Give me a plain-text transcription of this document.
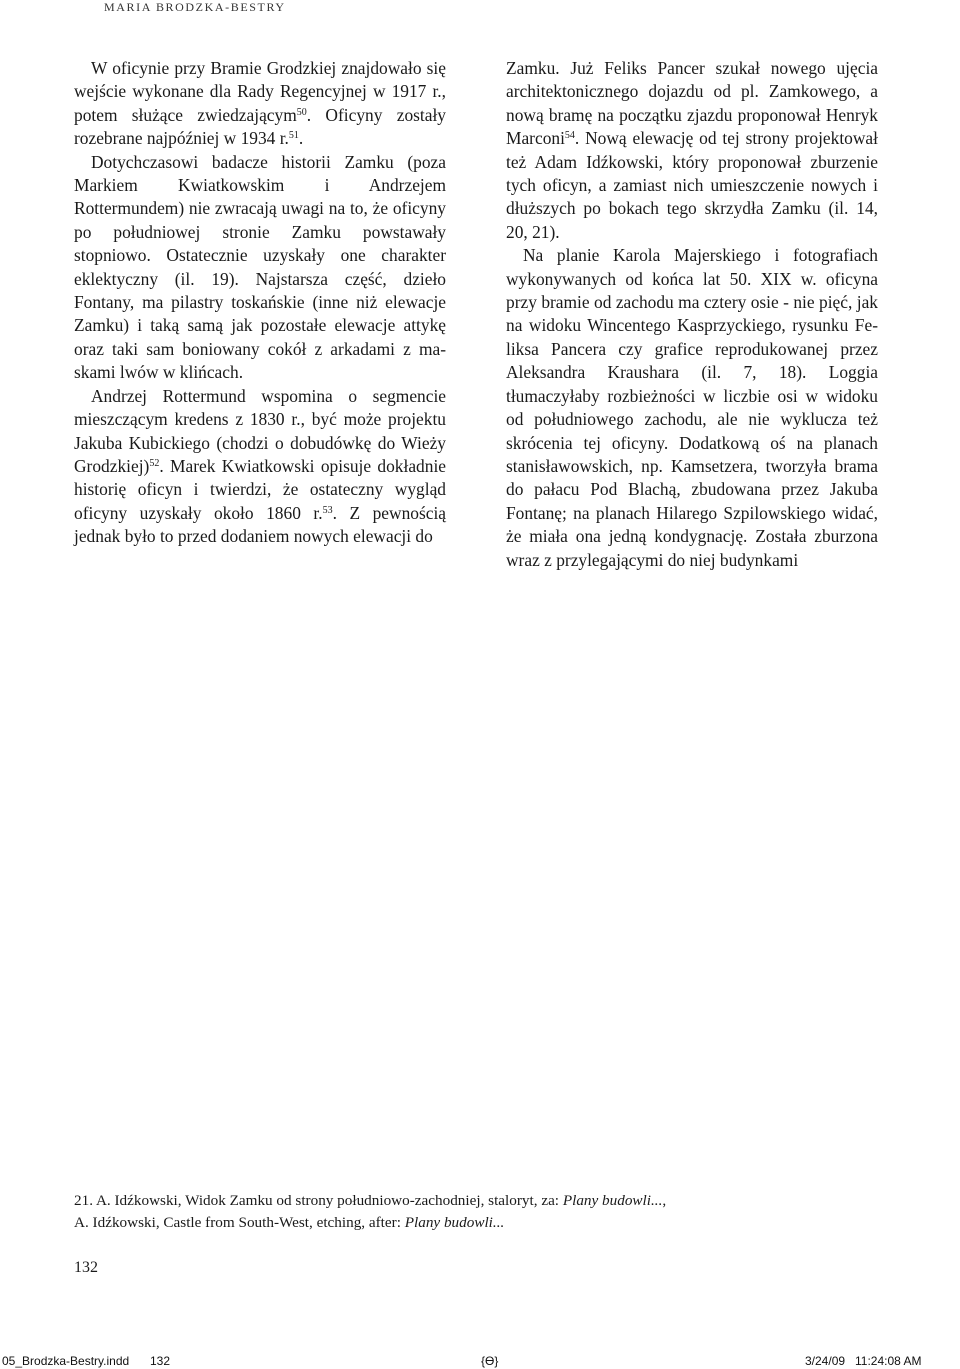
MARIA BRODZKA-BESTRY

W oficynie przy Bramie Grodzkiej znajdowało się wejście wykonane dla Rady Regencyjnej w 1917 r., potem służące zwiedzającym$^{50}$. Oficyny zostały rozebrane najpóźniej w 1934 r.$^{51}$.

Dotychczasowi badacze historii Zamku (poza Markiem Kwiatkowskim i Andrzejem Rottermundem) nie zwracają uwagi na to, że oficyny po południowej stronie Zamku powstawały stopniowo. Ostatecznie uzyskały one charakter eklektyczny (il. 19). Najstarsza część, dzieło Fontany, ma pilastry toskańskie (inne niż elewacje Zamku) i taką samą jak pozostałe elewacje attykę oraz taki sam boniowany cokół z arkadami z maskami lwów w klińcach.

Andrzej Rottermund wspomina o segmencie mieszczącym kredens z 1830 r., być może projektu Jakuba Kubickiego (chodzi o dobudówkę do Wieży Grodzkiej)$^{52}$. Marek Kwiatkowski opisuje dokładnie historię oficyn i twierdzi, że ostateczny wygląd oficyny uzyskały około 1860 r.$^{53}$. Z pewnością jednak było to przed dodaniem nowych elewacji do

Zamku. Już Feliks Pancer szukał nowego ujęcia architektonicznego dojazdu od pl. Zamkowego, a nową bramę na początku zjazdu proponował Henryk Marconi$^{54}$. Nową elewację od tej strony projektował też Adam Idźkowski, który proponował zburzenie tych oficyn, a zamiast nich umieszczenie nowych i dłuższych po bokach tego skrzydła Zamku (il. 14, 20, 21).

Na planie Karola Majerskiego i fotografiach wykonywanych od końca lat 50. XIX w. oficyna przy bramie od zachodu ma cztery osie - nie pięć, jak na widoku Wincentego Kasprzyckiego, rysunku Feliksa Pancera czy grafice reprodukowanej przez Aleksandra Kraushara (il. 7, 18). Loggia tłumaczyłaby rozbieżności w liczbie osi w widoku od południowego zachodu, ale nie wyklucza też skrócenia tej oficyny. Dodatkową oś na planach stanisławowskich, np. Kamsetzera, tworzyła brama do pałacu Pod Blachą, zbudowana przez Jakuba Fontanę; na planach Hilarego Szpilowskiego widać, że miała ona jedną kondygnację. Została zburzona wraz z przylegającymi do niej budynkami

21. A. Idźkowski, Widok Zamku od strony południowo-zachodniej, staloryt, za: Plany budowli...,
A. Idźkowski, Castle from South-West, etching, after: Plany budowli...
132
05_Brodzka-Bestry.indd 132	{Ɵ}	3/24/09 11:24:08 AM
